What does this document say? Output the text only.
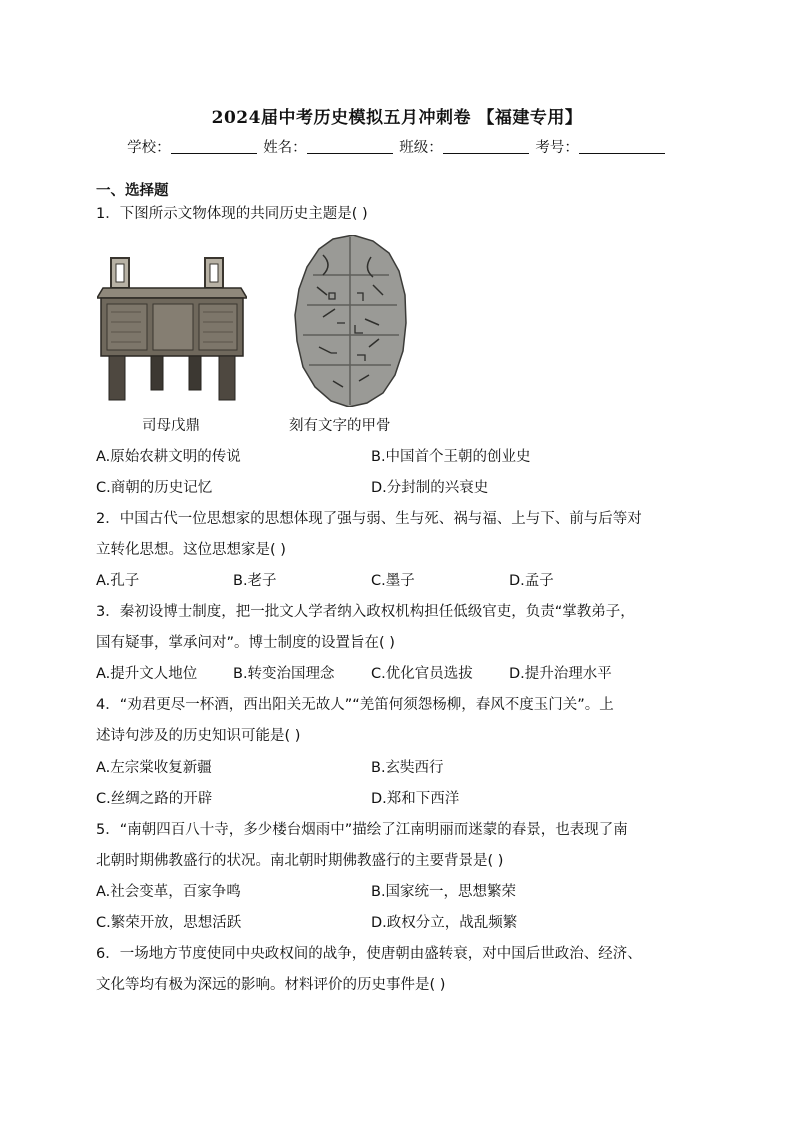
2024届中考历史模拟五月冲刺卷 【福建专用】
学校：	姓名：	班级：	考号：
一、选择题
1．下图所示文物体现的共同历史主题是( )
司母戊鼎	刻有文字的甲骨
A.原始农耕文明的传说	B.中国首个王朝的创业史
C.商朝的历史记忆	D.分封制的兴衰史
2．中国古代一位思想家的思想体现了强与弱、生与死、祸与福、上与下、前与后等对
立转化思想。这位思想家是( )
A.孔子	B.老子	C.墨子	D.孟子
3．秦初设博士制度，把一批文人学者纳入政权机构担任低级官吏，负责“掌教弟子，
国有疑事，掌承问对”。博士制度的设置旨在( )
A.提升文人地位 B.转变治国理念	C.优化官员选拔	D.提升治理水平
4．“劝君更尽一杯酒，西出阳关无故人”“羌笛何须怨杨柳，春风不度玉门关”。上
述诗句涉及的历史知识可能是( )
A.左宗棠收复新疆	B.玄奘西行
C.丝绸之路的开辟	D.郑和下西洋
5．“南朝四百八十寺，多少楼台烟雨中”描绘了江南明丽而迷蒙的春景，也表现了南
北朝时期佛教盛行的状况。南北朝时期佛教盛行的主要背景是( )
A.社会变革，百家争鸣	B.国家统一，思想繁荣
C.繁荣开放，思想活跃	D.政权分立，战乱频繁
6．一场地方节度使同中央政权间的战争，使唐朝由盛转衰，对中国后世政治、经济、
文化等均有极为深远的影响。材料评价的历史事件是( )
